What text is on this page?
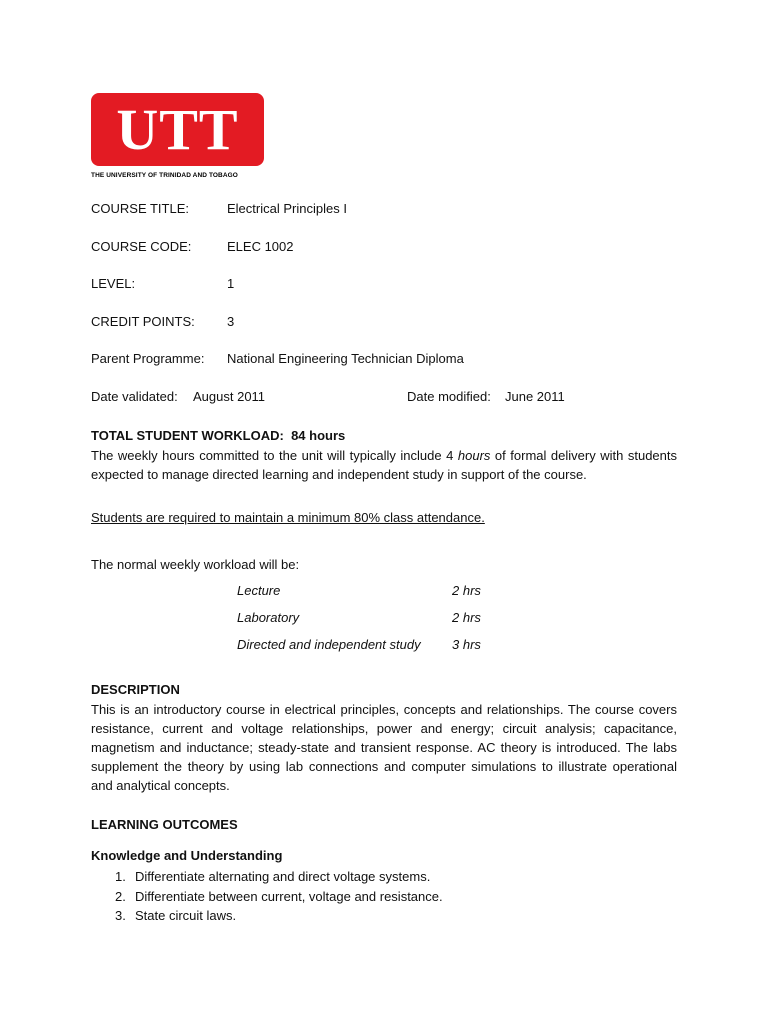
UTT
THE UNIVERSITY OF TRINIDAD AND TOBAGO
COURSE TITLE:	Electrical Principles I
COURSE CODE:	ELEC 1002
LEVEL:	1
CREDIT POINTS: 3
Parent Programme: National Engineering Technician Diploma
Date validated: August 2011	Date modified: June 2011
TOTAL STUDENT WORKLOAD: 84 hours
The weekly hours committed to the unit will typically include 4 hours of formal delivery with students expected to manage directed learning and independent study in support of the course.
Students are required to maintain a minimum 80% class attendance.
The normal weekly workload will be:
Lecture	2 hrs
Laboratory	2 hrs
Directed and independent study 3 hrs
DESCRIPTION
This is an introductory course in electrical principles, concepts and relationships. The course covers resistance, current and voltage relationships, power and energy; circuit analysis; capacitance, magnetism and inductance; steady-state and transient response. AC theory is introduced. The labs supplement the theory by using lab connections and computer simulations to illustrate operational and analytical concepts.
LEARNING OUTCOMES
Knowledge and Understanding
1. Differentiate alternating and direct voltage systems.
2. Differentiate between current, voltage and resistance.
3. State circuit laws.
